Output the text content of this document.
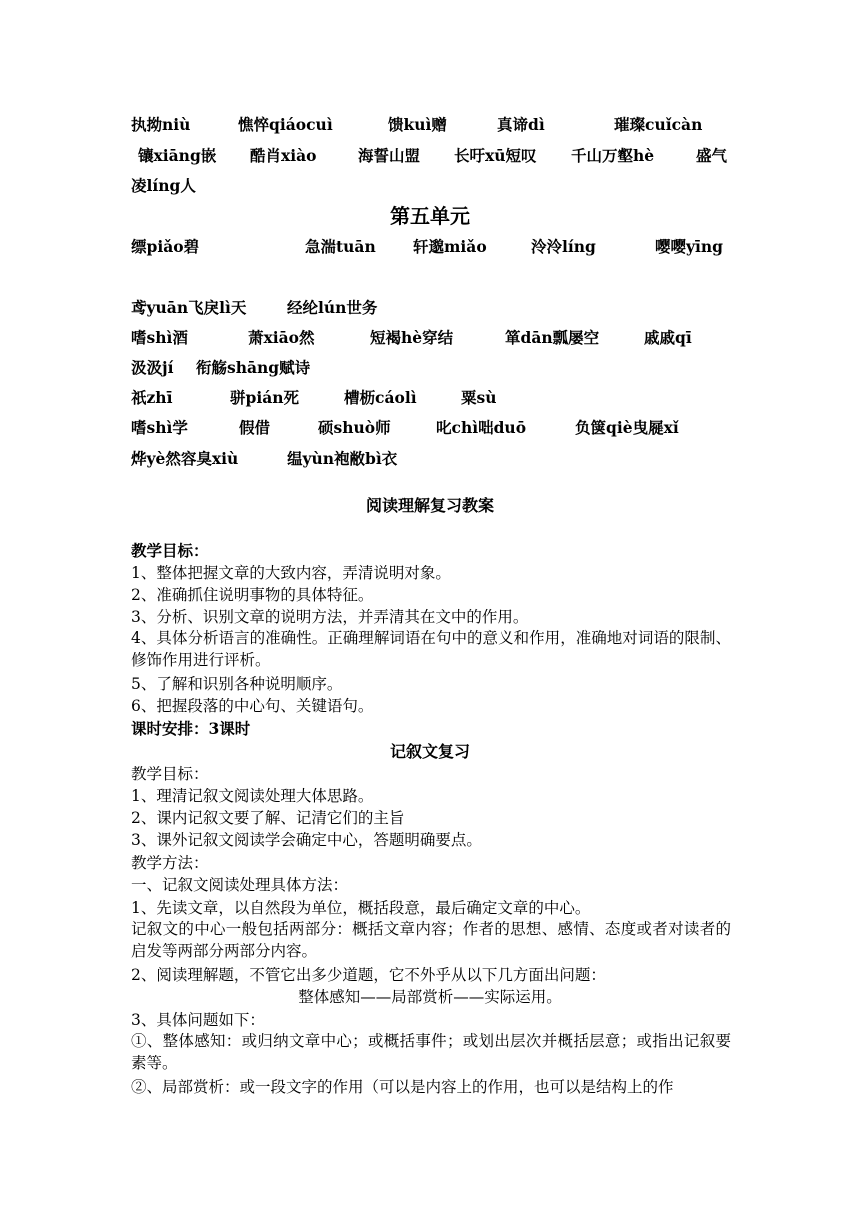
执拗niù	憔悴qiáocuì	馈kuì赠	真谛dì	璀璨cuǐcàn
镶xiāng嵌 酷肖xiào	海誓山盟 长吁xū短叹 千山万壑hè	盛气
凌líng人
第五单元
缥piǎo碧	急湍tuān 轩邈miǎo	泠泠líng	嘤嘤yīng
鸢yuān飞戾lì天	经纶lún世务
嗜shì酒	萧xiāo然	短褐hè穿结	箪dān瓢屡空	戚戚qī
汲汲jí 衔觞shāng赋诗
祇zhī	骈pián死	槽枥cáolì	粟sù
嗜shì学	假借	硕shuò师	叱chì咄duō	负箧qiè曳屣xǐ
烨yè然容臭xiù	缊yùn袍敝bì衣
阅读理解复习教案
教学目标：
1、整体把握文章的大致内容，弄清说明对象。
2、准确抓住说明事物的具体特征。
3、分析、识别文章的说明方法，并弄清其在文中的作用。
4、具体分析语言的准确性。正确理解词语在句中的意义和作用，准确地对词语的限制、修饰作用进行评析。
5、了解和识别各种说明顺序。
6、把握段落的中心句、关键语句。
课时安排：3课时
记叙文复习
教学目标：
1、理清记叙文阅读处理大体思路。
2、课内记叙文要了解、记清它们的主旨
3、课外记叙文阅读学会确定中心，答题明确要点。
教学方法：
一、记叙文阅读处理具体方法：
1、先读文章，以自然段为单位，概括段意，最后确定文章的中心。
记叙文的中心一般包括两部分：概括文章内容；作者的思想、感情、态度或者对读者的启发等两部分两部分内容。
2、阅读理解题，不管它出多少道题，它不外乎从以下几方面出问题：
整体感知——局部赏析——实际运用。
3、具体问题如下：
①、整体感知：或归纳文章中心；或概括事件；或划出层次并概括层意；或指出记叙要素等。
②、局部赏析：或一段文字的作用（可以是内容上的作用，也可以是结构上的作
